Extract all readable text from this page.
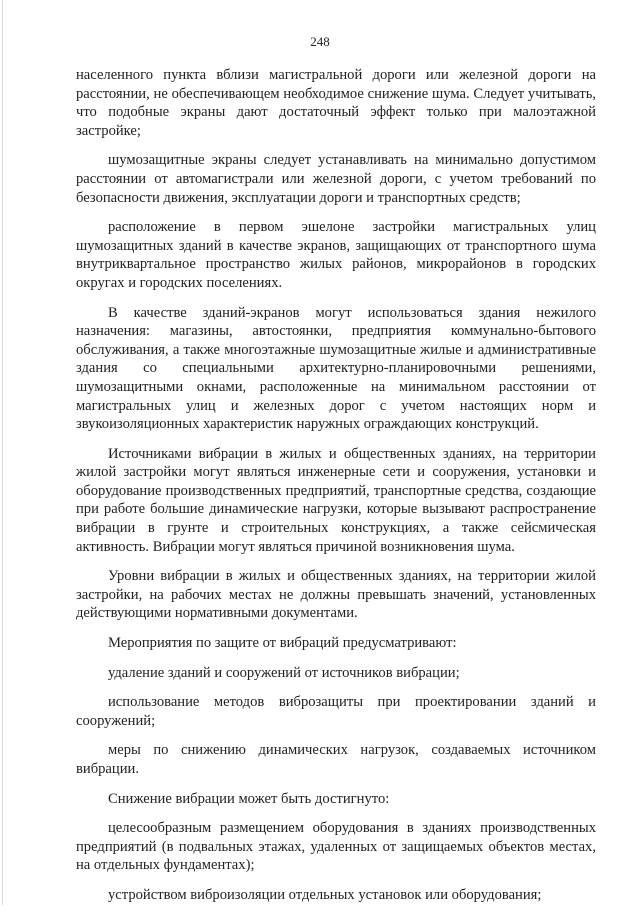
248

населенного пункта вблизи магистральной дороги или железной дороги на расстоянии, не обеспечивающем необходимое снижение шума. Следует учитывать, что подобные экраны дают достаточный эффект только при малоэтажной застройке;

шумозащитные экраны следует устанавливать на минимально допустимом расстоянии от автомагистрали или железной дороги, с учетом требований по безопасности движения, эксплуатации дороги и транспортных средств;

расположение в первом эшелоне застройки магистральных улиц шумозащитных зданий в качестве экранов, защищающих от транспортного шума внутриквартальное пространство жилых районов, микрорайонов в городских округах и городских поселениях.

В качестве зданий-экранов могут использоваться здания нежилого назначения: магазины, автостоянки, предприятия коммунально-бытового обслуживания, а также многоэтажные шумозащитные жилые и административные здания со специальными архитектурно-планировочными решениями, шумозащитными окнами, расположенные на минимальном расстоянии от магистральных улиц и железных дорог с учетом настоящих норм и звукоизоляционных характеристик наружных ограждающих конструкций.

Источниками вибрации в жилых и общественных зданиях, на территории жилой застройки могут являться инженерные сети и сооружения, установки и оборудование производственных предприятий, транспортные средства, создающие при работе большие динамические нагрузки, которые вызывают распространение вибрации в грунте и строительных конструкциях, а также сейсмическая активность. Вибрации могут являться причиной возникновения шума.

Уровни вибрации в жилых и общественных зданиях, на территории жилой застройки, на рабочих местах не должны превышать значений, установленных действующими нормативными документами.

Мероприятия по защите от вибраций предусматривают:

удаление зданий и сооружений от источников вибрации;

использование методов виброзащиты при проектировании зданий и сооружений;

меры по снижению динамических нагрузок, создаваемых источником вибрации.

Снижение вибрации может быть достигнуто:

целесообразным размещением оборудования в зданиях производственных предприятий (в подвальных этажах, удаленных от защищаемых объектов местах, на отдельных фундаментах);

устройством виброизоляции отдельных установок или оборудования;
